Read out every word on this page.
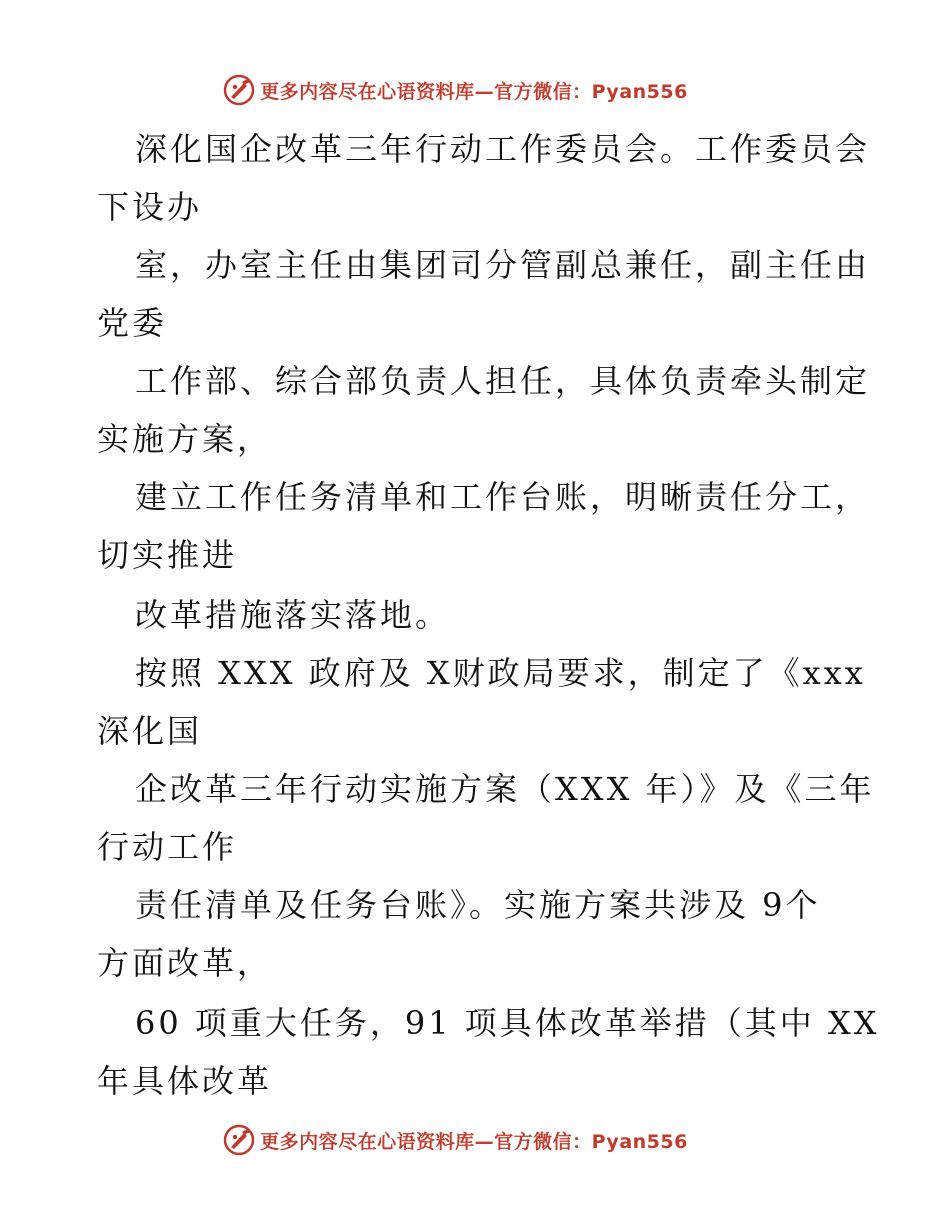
更多内容尽在心语资料库—官方微信：Pyan556
深化国企改革三年行动工作委员会。工作委员会
下设办
室，办室主任由集团司分管副总兼任，副主任由
党委
工作部、综合部负责人担任，具体负责牵头制定
实施方案，
建立工作任务清单和工作台账，明晰责任分工，
切实推进
改革措施落实落地。
按照 XXX 政府及 X财政局要求，制定了《xxx
深化国
企改革三年行动实施方案（XXX 年）》及《三年
行动工作
责任清单及任务台账》。实施方案共涉及 9个
方面改革，
60 项重大任务，91 项具体改革举措（其中 XX
年具体改革
更多内容尽在心语资料库—官方微信：Pyan556
